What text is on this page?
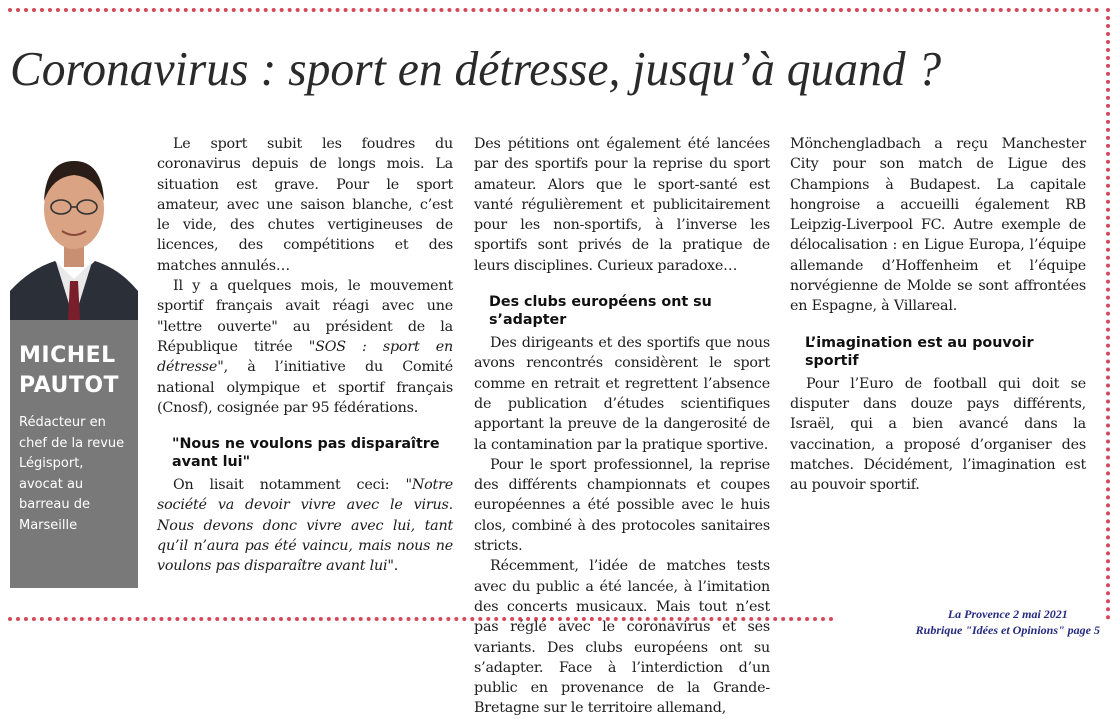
Coronavirus : sport en détresse, jusqu’à quand ?
MICHEL
PAUTOT

Rédacteur en chef de la revue Légisport, avocat au barreau de Marseille

Le sport subit les foudres du coronavirus depuis de longs mois. La situation est grave. Pour le sport amateur, avec une saison blanche, c’est le vide, des chutes vertigineuses de licences, des compétitions et des matches annulés…

Il y a quelques mois, le mouvement sportif français avait réagi avec une "lettre ouverte" au président de la République titrée "SOS : sport en détresse", à l’initiative du Comité national olympique et sportif français (Cnosf), cosignée par 95 fédérations.

"Nous ne voulons pas disparaître avant lui"

On lisait notamment ceci: "Notre société va devoir vivre avec le virus. Nous devons donc vivre avec lui, tant qu’il n’aura pas été vaincu, mais nous ne voulons pas disparaître avant lui".

Des pétitions ont également été lancées par des sportifs pour la reprise du sport amateur. Alors que le sport-santé est vanté régulièrement et publicitairement pour les non-sportifs, à l’inverse les sportifs sont privés de la pratique de leurs disciplines. Curieux paradoxe…

Des clubs européens ont su s’adapter

Des dirigeants et des sportifs que nous avons rencontrés considèrent le sport comme en retrait et regrettent l’absence de publication d’études scientifiques apportant la preuve de la dangerosité de la contamination par la pratique sportive.

Pour le sport professionnel, la reprise des différents championnats et coupes européennes a été possible avec le huis clos, combiné à des protocoles sanitaires stricts.

Récemment, l’idée de matches tests avec du public a été lancée, à l’imitation des concerts musicaux. Mais tout n’est pas réglé avec le coronavirus et ses variants. Des clubs européens ont su s’adapter. Face à l’interdiction d’un public en provenance de la Grande-Bretagne sur le territoire allemand,

Mönchengladbach a reçu Manchester City pour son match de Ligue des Champions à Budapest. La capitale hongroise a accueilli également RB Leipzig-Liverpool FC. Autre exemple de délocalisation : en Ligue Europa, l’équipe allemande d’Hoffenheim et l’équipe norvégienne de Molde se sont affrontées en Espagne, à Villareal.

L’imagination est au pouvoir sportif

Pour l’Euro de football qui doit se disputer dans douze pays différents, Israël, qui a bien avancé dans la vaccination, a proposé d’organiser des matches. Décidément, l’imagination est au pouvoir sportif.

La Provence 2 mai 2021
Rubrique "Idées et Opinions" page 5
